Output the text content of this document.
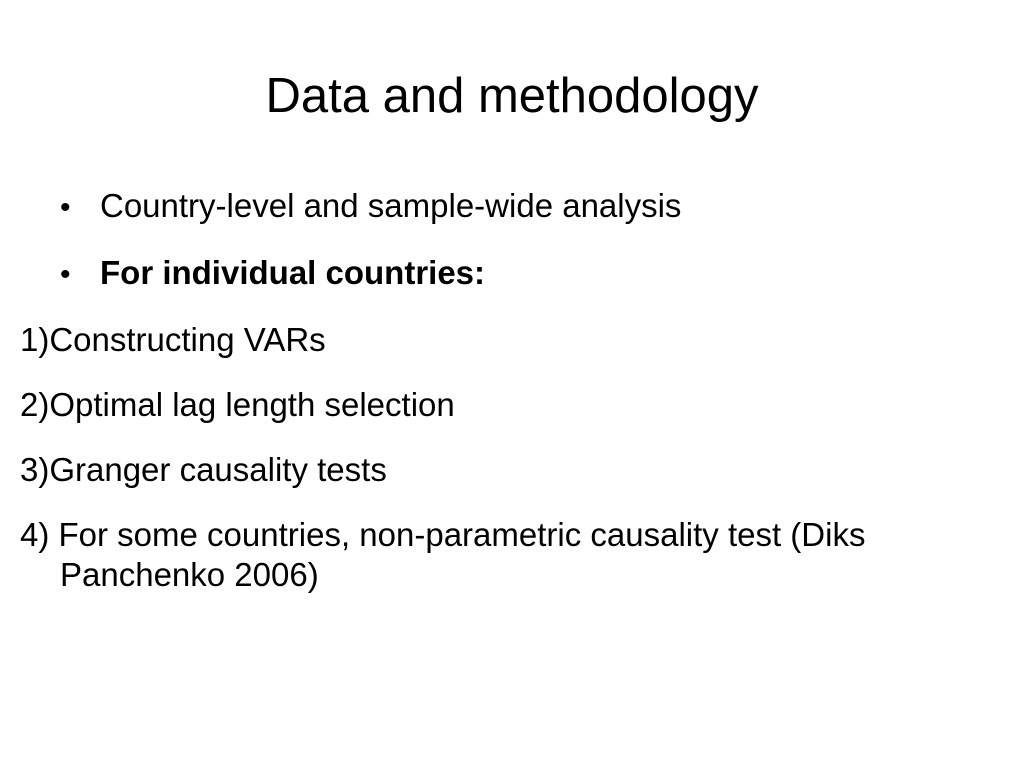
Data and methodology
• Country-level and sample-wide analysis
• For individual countries:
1)Constructing VARs
2)Optimal lag length selection
3)Granger causality tests
4) For some countries, non-parametric causality test (Diks Panchenko 2006)
